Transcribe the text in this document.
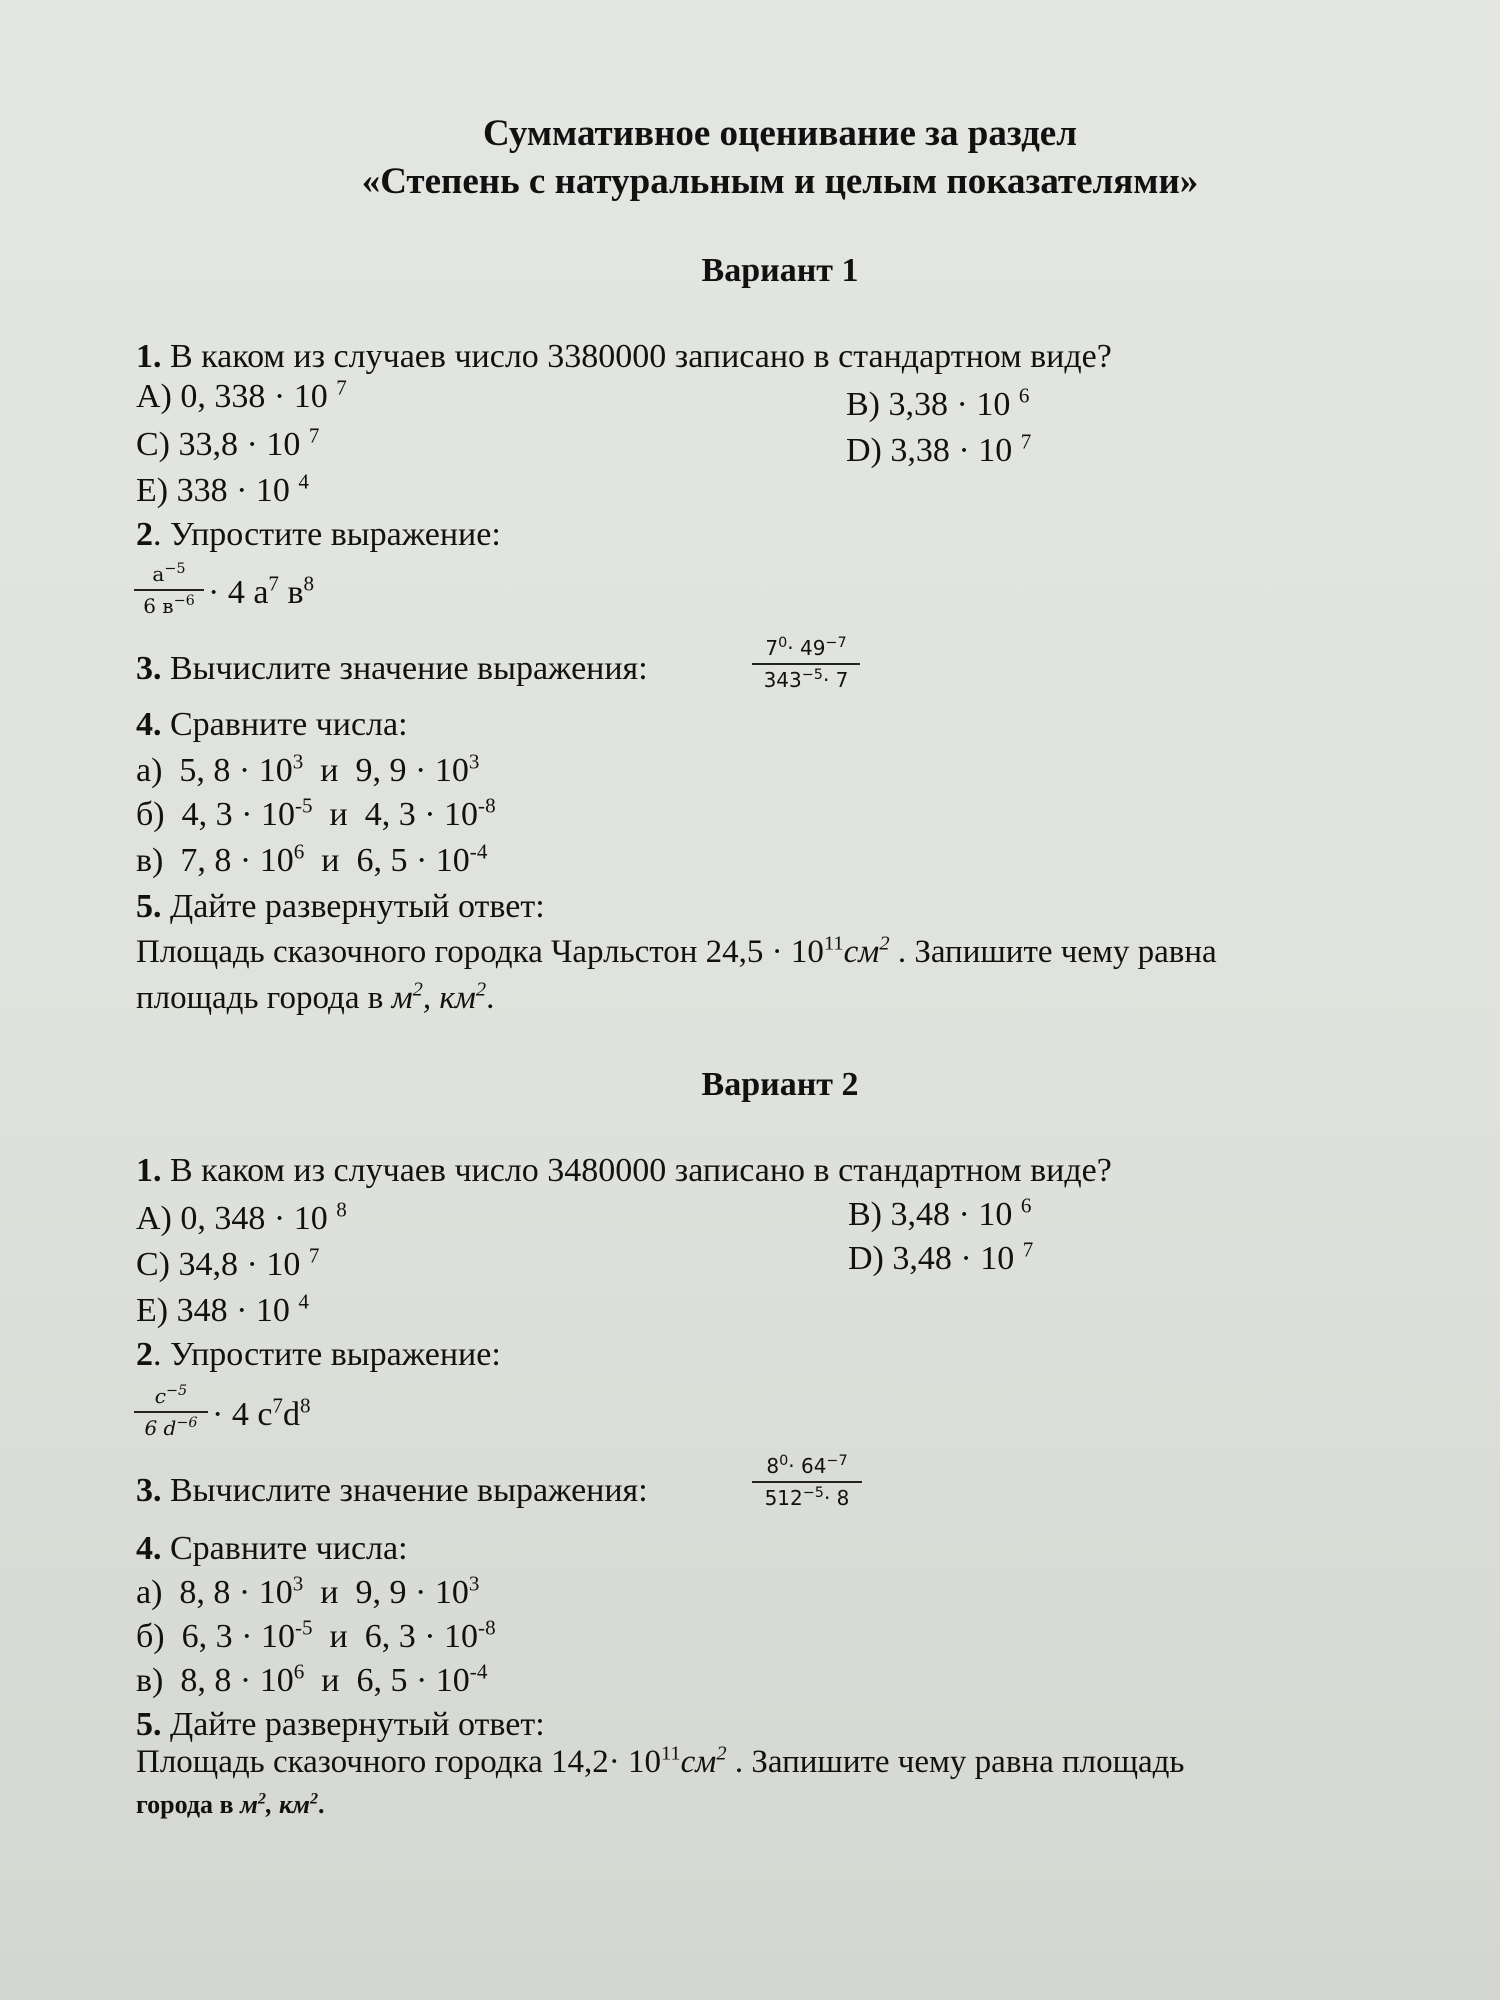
Суммативное оценивание за раздел
«Степень с натуральным и целым показателями»
Вариант 1
1. В каком из случаев число 3380000 записано в стандартном виде?
А) 0, 338 · 10 $^7$	В) 3,38 · 10 $^6$
С) 33,8 · 10 $^7$	D) 3,38 · 10 $^7$
Е) 338 · 10 $^4$
2. Упростите выражение:
$а^{-5}$
6 $в^{-6} \cdot 4$ $а^7$ $в^8$
3. Вычислите значение выражения:	$\frac{7^0\cdot 49^{-7}}{343^{-5}\cdot 7}$
4. Сравните числа:
а) 5, $8 \cdot 10^3$ и 9, $9 \cdot 10^3$
б) 4, $3 \cdot 10^{-5}$ и 4, $3 \cdot 10^{-8}$
в) 7, $8 \cdot 10^6$ и 6, $5 \cdot 10^{-4}$
5. Дайте развернутый ответ:
Площадь сказочного городка Чарльстон $24,5 \cdot 10^{11}см^2$ . Запишите чему равна
площадь города в $м^2$, $км^2$.
Вариант 2
1. В каком из случаев число 3480000 записано в стандартном виде?
А) 0, 348 · 10 $^8$	В) 3,48 · 10 $^6$
С) 34,8 · 10 $^7$	D) 3,48 · 10 $^7$
Е) 348 · 10 $^4$
2. Упростите выражение:
$\frac{c^{-5}}{6 d^{-6}} \cdot 4$ $c^7d^8$
3. Вычислите значение выражения:	$\frac{8^0\cdot 64^{-7}}{512^{-5}\cdot 8}$
4. Сравните числа:
а) 8, $8 \cdot 10^3$ и 9, $9 \cdot 10^3$
б) 6, $3 \cdot 10^{-5}$ и 6, $3 \cdot 10^{-8}$
в) 8, $8 \cdot 10^6$ и 6, $5 \cdot 10^{-4}$
5. Дайте развернутый ответ:
Площадь сказочного городка $14,2\cdot 10^{11}см^2$ . Запишите чему равна площадь
города в $м^2$, $км^2$.
